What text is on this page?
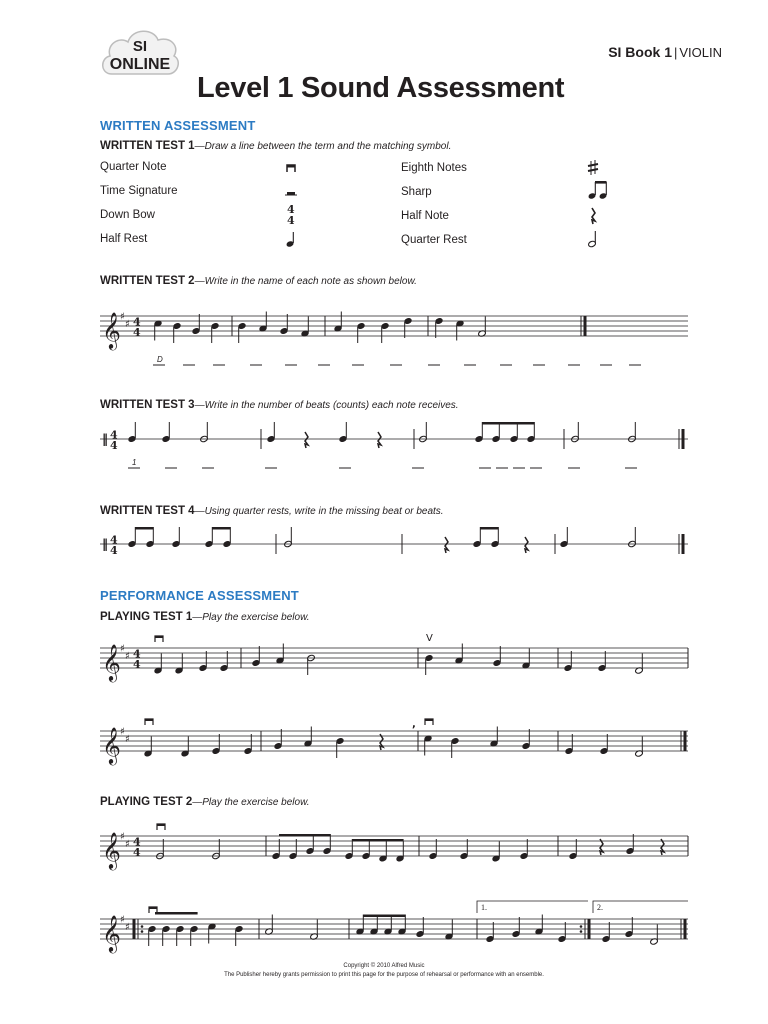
SI
ONLINE
SI Book 1 | VIOLIN
Level 1 Sound Assessment
WRITTEN ASSESSMENT
WRITTEN TEST 1—Draw a line between the term and the matching symbol.
Quarter Note
Time Signature
Down Bow
Half Rest
Eighth Notes
Sharp
Half Note
Quarter Rest
4
4
WRITTEN TEST 2—Write in the name of each note as shown below.
𝄞 ♯
♯ 4
4
D
WRITTEN TEST 3—Write in the number of beats (counts) each note receives.
‖ 4
4
1
WRITTEN TEST 4—Using quarter rests, write in the missing beat or beats.
‖ 4
4
PERFORMANCE ASSESSMENT
PLAYING TEST 1—Play the exercise below.
𝄞 ♯
♯ 4
4
V
𝄞 ♯
♯
,
PLAYING TEST 2—Play the exercise below.
𝄞 ♯
♯ 4
4
𝄞 ♯
♯
1.	2.
Copyright © 2010 Alfred Music
The Publisher hereby grants permission to print this page for the purpose of rehearsal or performance with an ensemble.
